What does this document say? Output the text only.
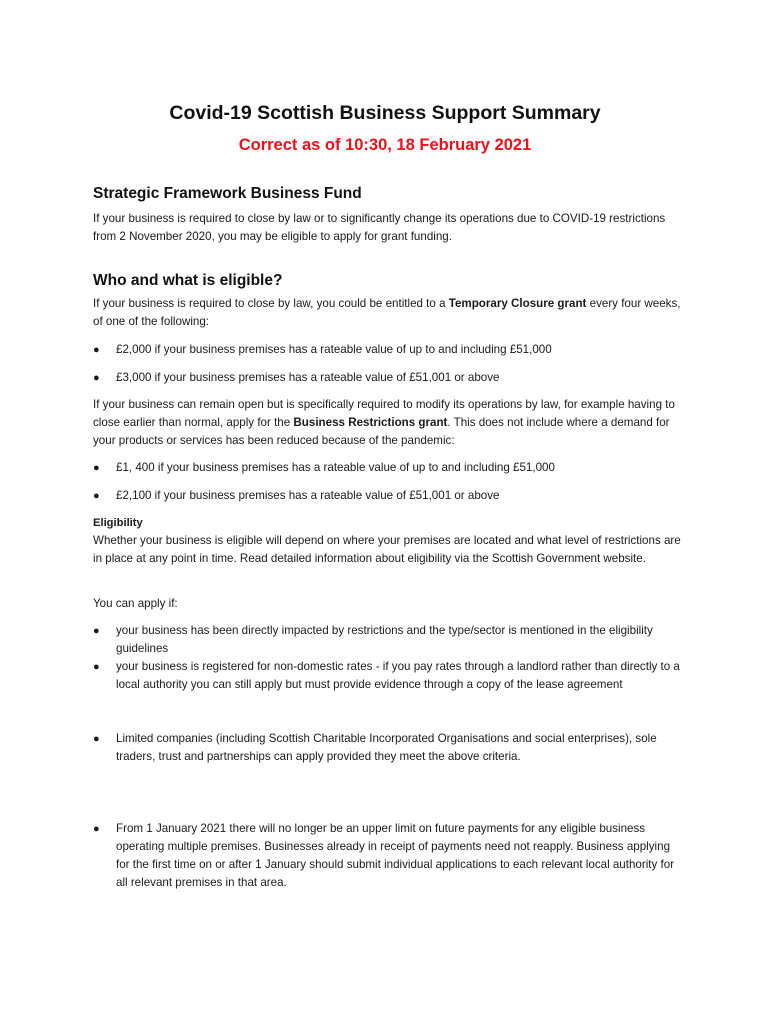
Covid-19 Scottish Business Support Summary
Correct as of 10:30, 18 February 2021
Strategic Framework Business Fund

If your business is required to close by law or to significantly change its operations due to COVID-19 restrictions from 2 November 2020, you may be eligible to apply for grant funding.

Who and what is eligible?

If your business is required to close by law, you could be entitled to a Temporary Closure grant every four weeks, of one of the following:

●	£2,000 if your business premises has a rateable value of up to and including £51,000
●	£3,000 if your business premises has a rateable value of £51,001 or above

If your business can remain open but is specifically required to modify its operations by law, for example having to close earlier than normal, apply for the Business Restrictions grant. This does not include where a demand for your products or services has been reduced because of the pandemic:

●	£1, 400 if your business premises has a rateable value of up to and including £51,000
●	£2,100 if your business premises has a rateable value of £51,001 or above
Eligibility

Whether your business is eligible will depend on where your premises are located and what level of restrictions are in place at any point in time. Read detailed information about eligibility via the Scottish Government website.

You can apply if:

●	your business has been directly impacted by restrictions and the type/sector is mentioned in the eligibility guidelines
●	your business is registered for non-domestic rates - if you pay rates through a landlord rather than directly to a local authority you can still apply but must provide evidence through a copy of the lease agreement
●	Limited companies (including Scottish Charitable Incorporated Organisations and social enterprises), sole traders, trust and partnerships can apply provided they meet the above criteria.
●	From 1 January 2021 there will no longer be an upper limit on future payments for any eligible business operating multiple premises. Businesses already in receipt of payments need not reapply. Business applying for the first time on or after 1 January should submit individual applications to each relevant local authority for all relevant premises in that area.
